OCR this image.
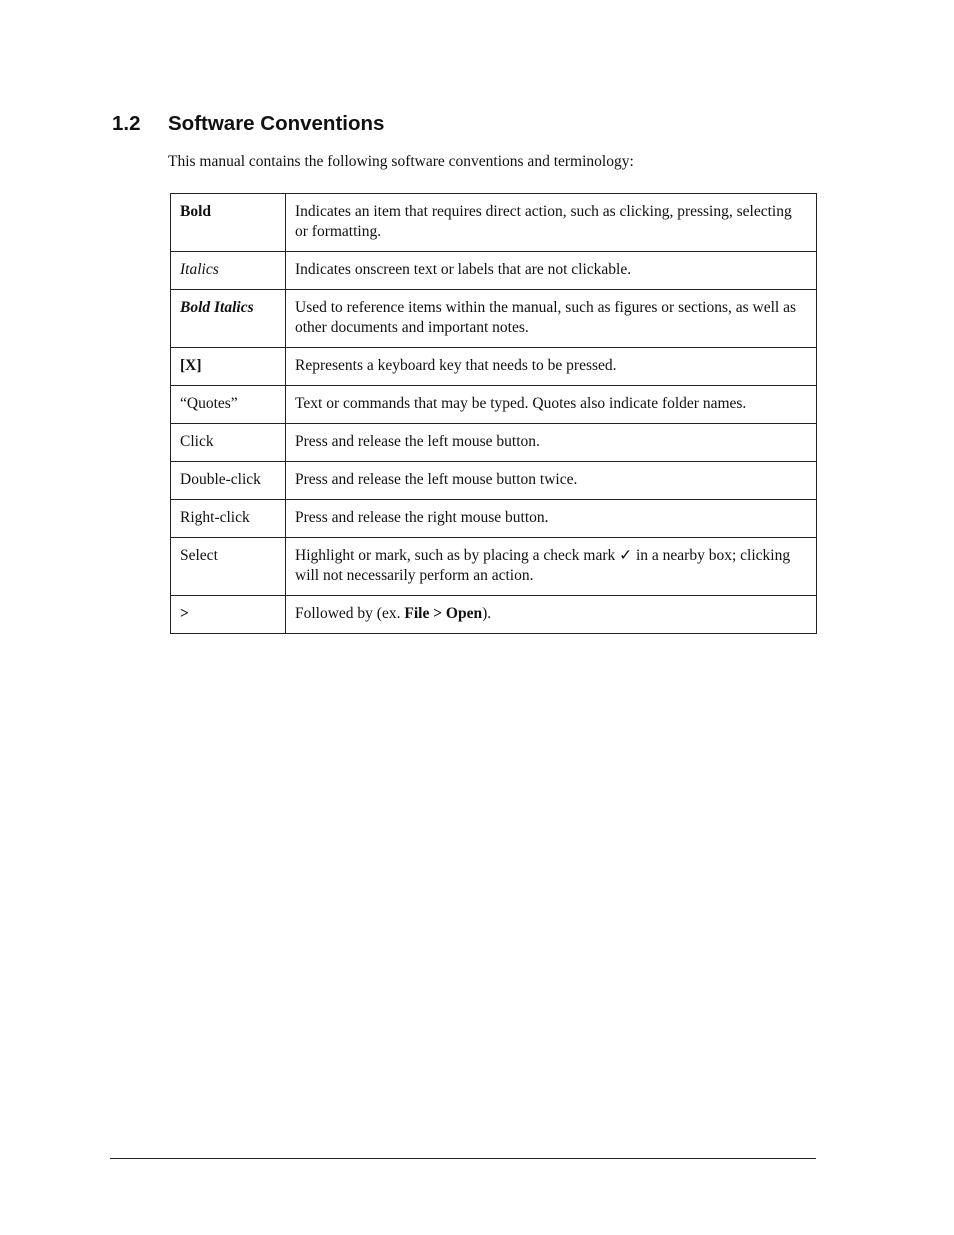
1.2 Software Conventions
This manual contains the following software conventions and terminology:
Bold	Indicates an item that requires direct action, such as clicking, pressing, selecting or formatting.
Italics	Indicates onscreen text or labels that are not clickable.
Bold Italics	Used to reference items within the manual, such as figures or sections, as well as other documents and important notes.
[X]	Represents a keyboard key that needs to be pressed.
“Quotes”	Text or commands that may be typed. Quotes also indicate folder names.
Click	Press and release the left mouse button.
Double-click	Press and release the left mouse button twice.
Right-click	Press and release the right mouse button.
Select	Highlight or mark, such as by placing a check mark ✓ in a nearby box; clicking will not necessarily perform an action.
>	Followed by (ex. File > Open).
